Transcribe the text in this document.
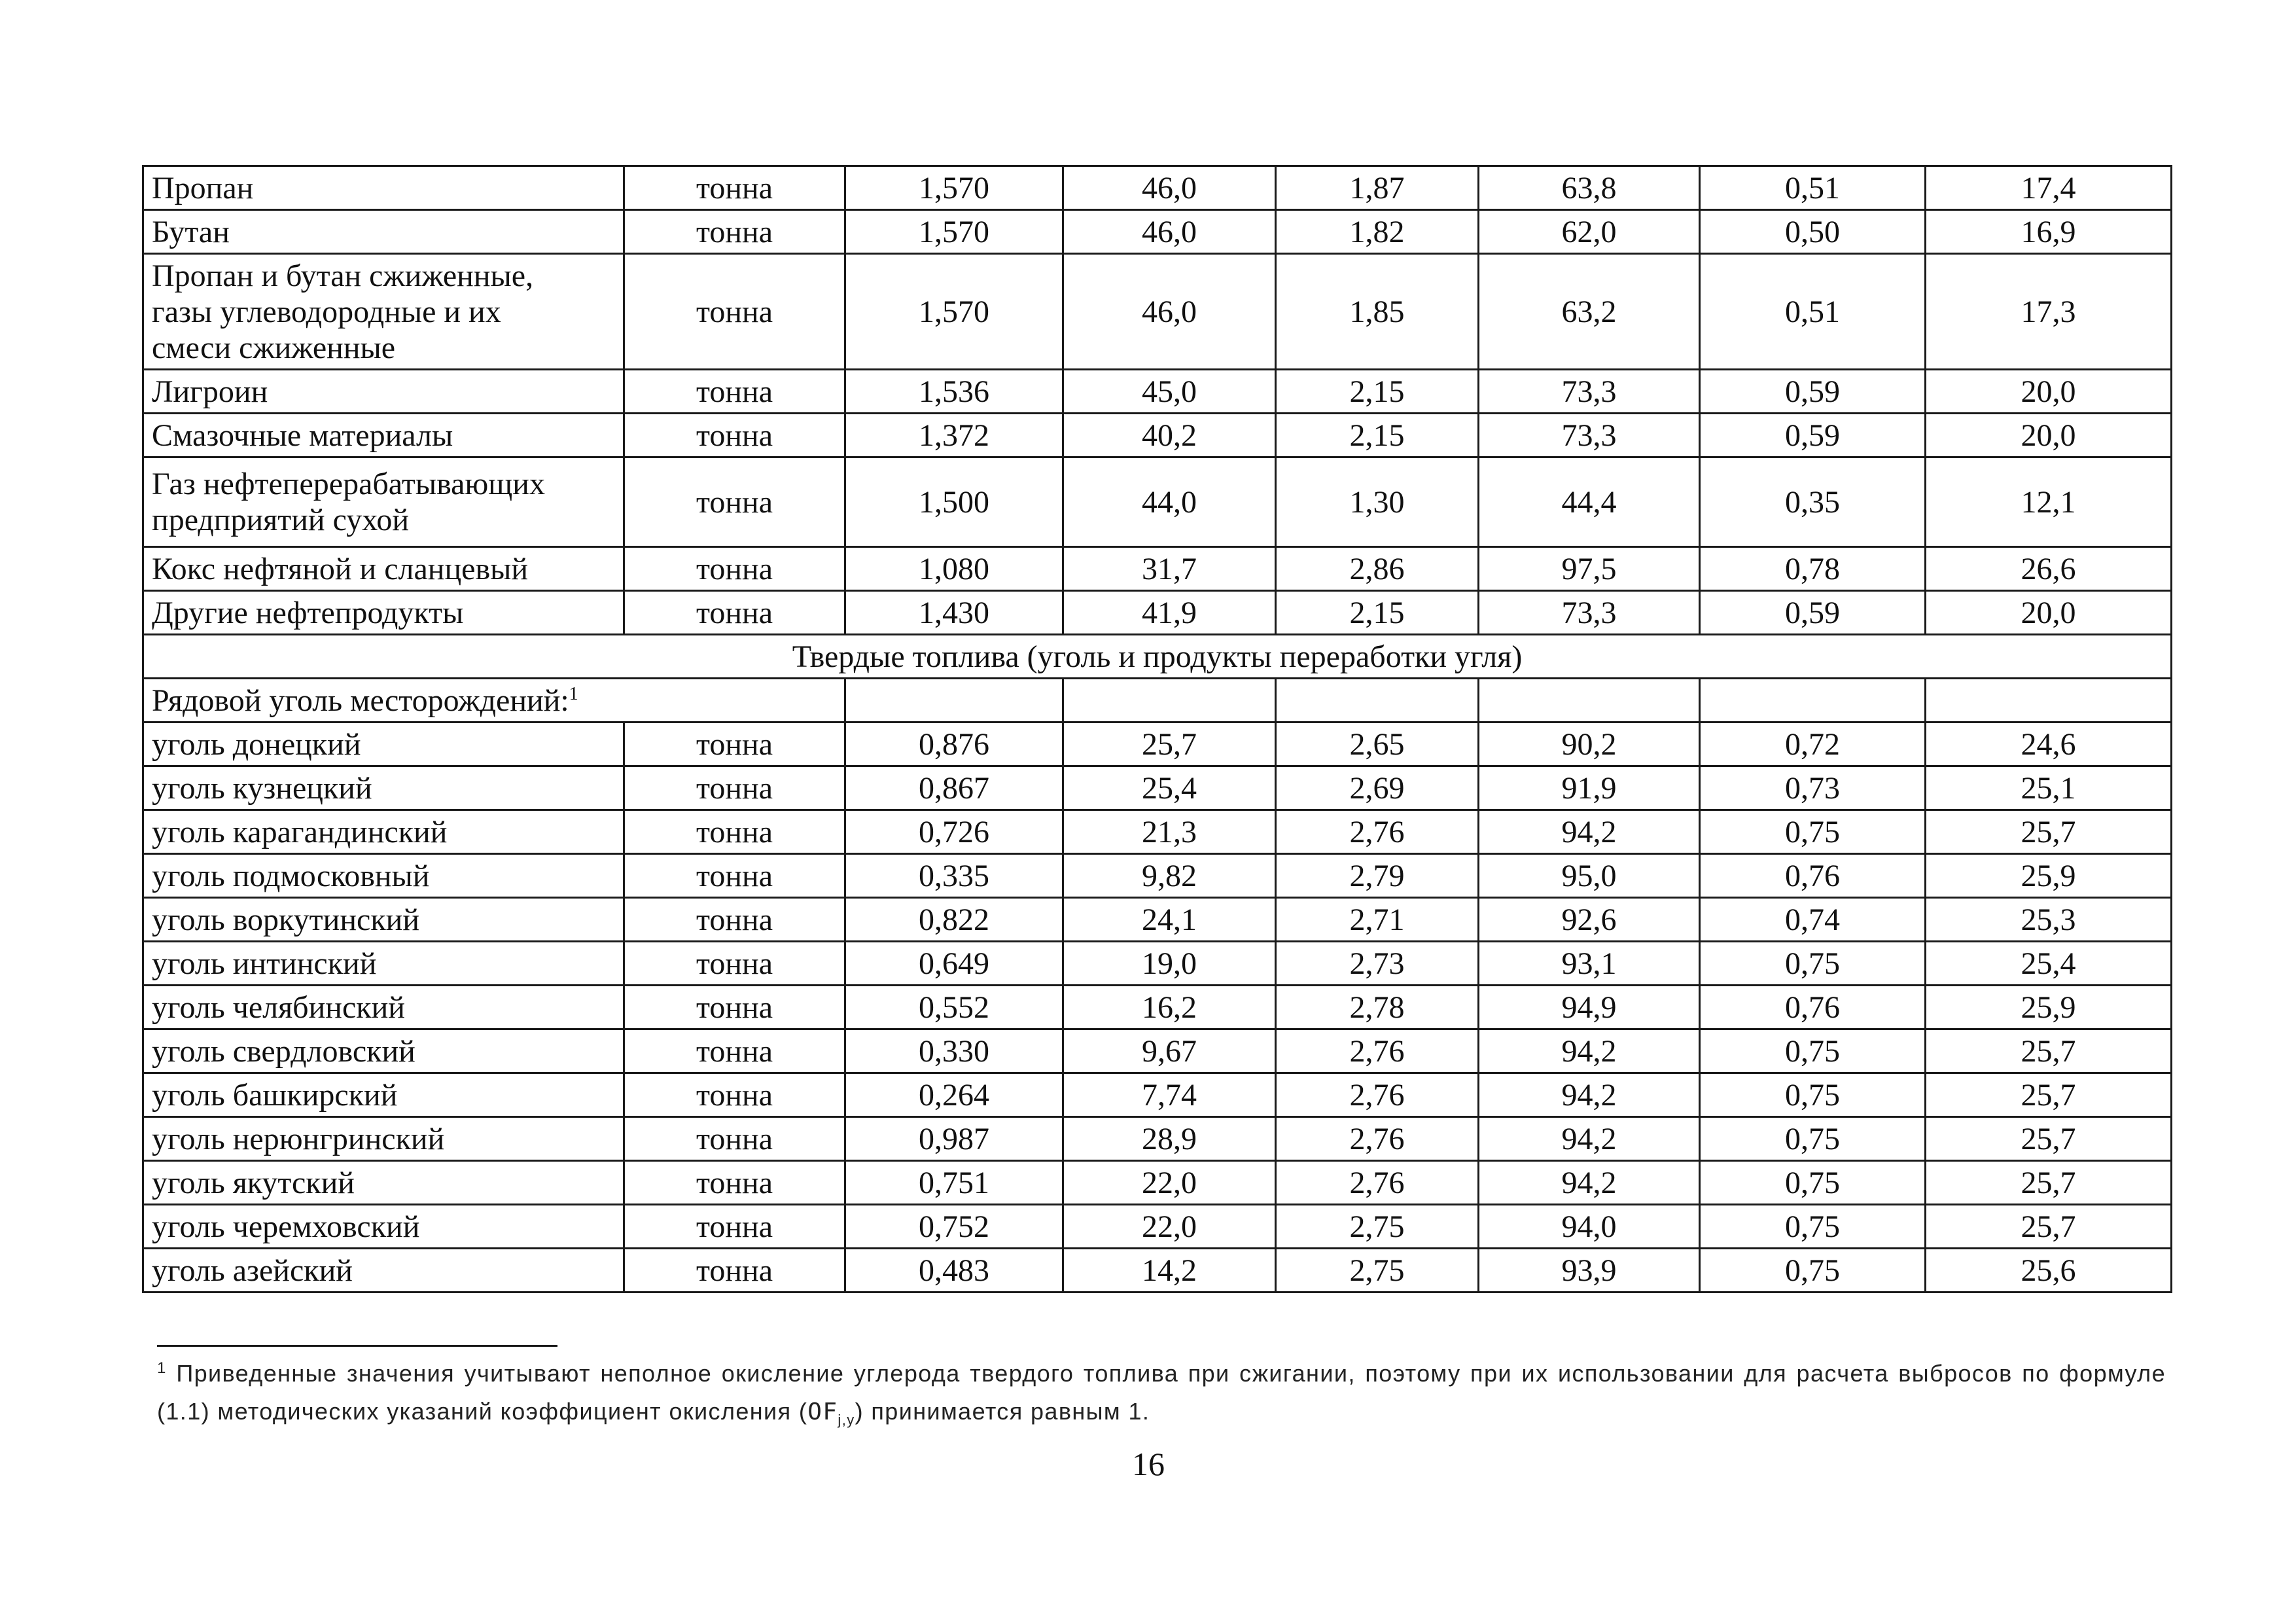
Пропан	тонна	1,570	46,0	1,87	63,8	0,51	17,4
Бутан	тонна	1,570	46,0	1,82	62,0	0,50	16,9

Пропан и бутан сжиженные,
газы углеводородные и их
смеси сжиженные	тонна	1,570	46,0	1,85	63,2	0,51	17,3
Лигроин	тонна	1,536	45,0	2,15	73,3	0,59	20,0
Смазочные материалы	тонна	1,372	40,2	2,15	73,3	0,59	20,0

Газ нефтеперерабатывающих
предприятий сухой	тонна	1,500	44,0	1,30	44,4	0,35	12,1
Кокс нефтяной и сланцевый	тонна	1,080	31,7	2,86	97,5	0,78	26,6
Другие нефтепродукты	тонна	1,430	41,9	2,15	73,3	0,59	20,0
Твердые топлива (уголь и продукты переработки угля)							
Рядовой уголь месторождений:$^1$						
уголь донецкий	тонна	0,876	25,7	2,65	90,2	0,72	24,6
уголь кузнецкий	тонна	0,867	25,4	2,69	91,9	0,73	25,1
уголь карагандинский	тонна	0,726	21,3	2,76	94,2	0,75	25,7
уголь подмосковный	тонна	0,335	9,82	2,79	95,0	0,76	25,9
уголь воркутинский	тонна	0,822	24,1	2,71	92,6	0,74	25,3
уголь интинский	тонна	0,649	19,0	2,73	93,1	0,75	25,4
уголь челябинский	тонна	0,552	16,2	2,78	94,9	0,76	25,9
уголь свердловский	тонна	0,330	9,67	2,76	94,2	0,75	25,7
уголь башкирский	тонна	0,264	7,74	2,76	94,2	0,75	25,7
уголь нерюнгринский	тонна	0,987	28,9	2,76	94,2	0,75	25,7
уголь якутский	тонна	0,751	22,0	2,76	94,2	0,75	25,7
уголь черемховский	тонна	0,752	22,0	2,75	94,0	0,75	25,7
уголь азейский	тонна	0,483	14,2	2,75	93,9	0,75	25,6
$^1$ Приведенные значения учитывают неполное окисление углерода твердого топлива при сжигании, поэтому при их использовании для расчета выбросов по формуле (1.1) методических указаний коэффициент окисления $(OF_{j,y})$ принимается равным 1.
16
